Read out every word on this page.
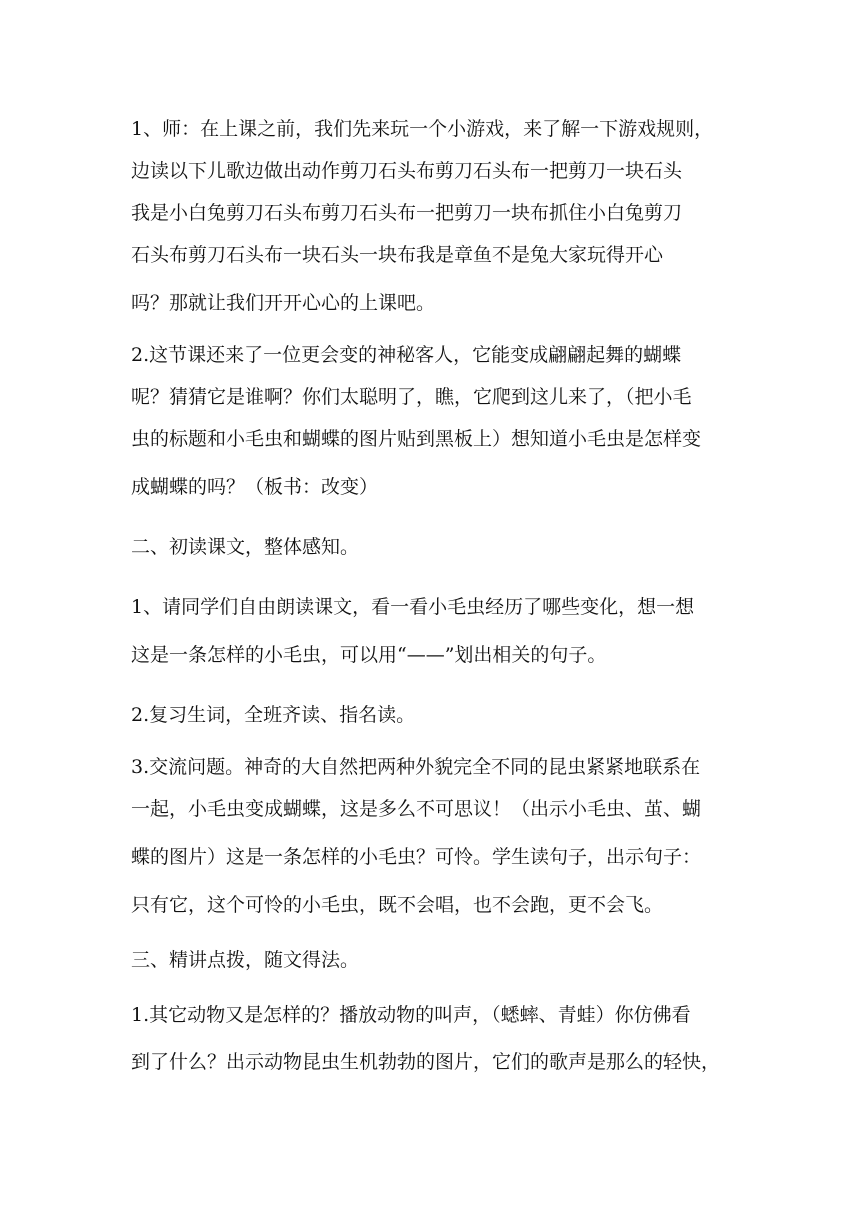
1、师：在上课之前，我们先来玩一个小游戏，来了解一下游戏规则，
边读以下儿歌边做出动作剪刀石头布剪刀石头布一把剪刀一块石头
我是小白兔剪刀石头布剪刀石头布一把剪刀一块布抓住小白兔剪刀
石头布剪刀石头布一块石头一块布我是章鱼不是兔大家玩得开心
吗？那就让我们开开心心的上课吧。
2.这节课还来了一位更会变的神秘客人，它能变成翩翩起舞的蝴蝶
呢？猜猜它是谁啊？你们太聪明了，瞧，它爬到这儿来了，（把小毛
虫的标题和小毛虫和蝴蝶的图片贴到黑板上）想知道小毛虫是怎样变
成蝴蝶的吗？（板书：改变）
二、初读课文，整体感知。
1、请同学们自由朗读课文，看一看小毛虫经历了哪些变化，想一想
这是一条怎样的小毛虫，可以用“——”划出相关的句子。
2.复习生词，全班齐读、指名读。
3.交流问题。神奇的大自然把两种外貌完全不同的昆虫紧紧地联系在
一起，小毛虫变成蝴蝶，这是多么不可思议！（出示小毛虫、茧、蝴
蝶的图片）这是一条怎样的小毛虫？可怜。学生读句子，出示句子：
只有它，这个可怜的小毛虫，既不会唱，也不会跑，更不会飞。
三、精讲点拨，随文得法。
1.其它动物又是怎样的？播放动物的叫声，（蟋蟀、青蛙）你仿佛看
到了什么？出示动物昆虫生机勃勃的图片，它们的歌声是那么的轻快，
